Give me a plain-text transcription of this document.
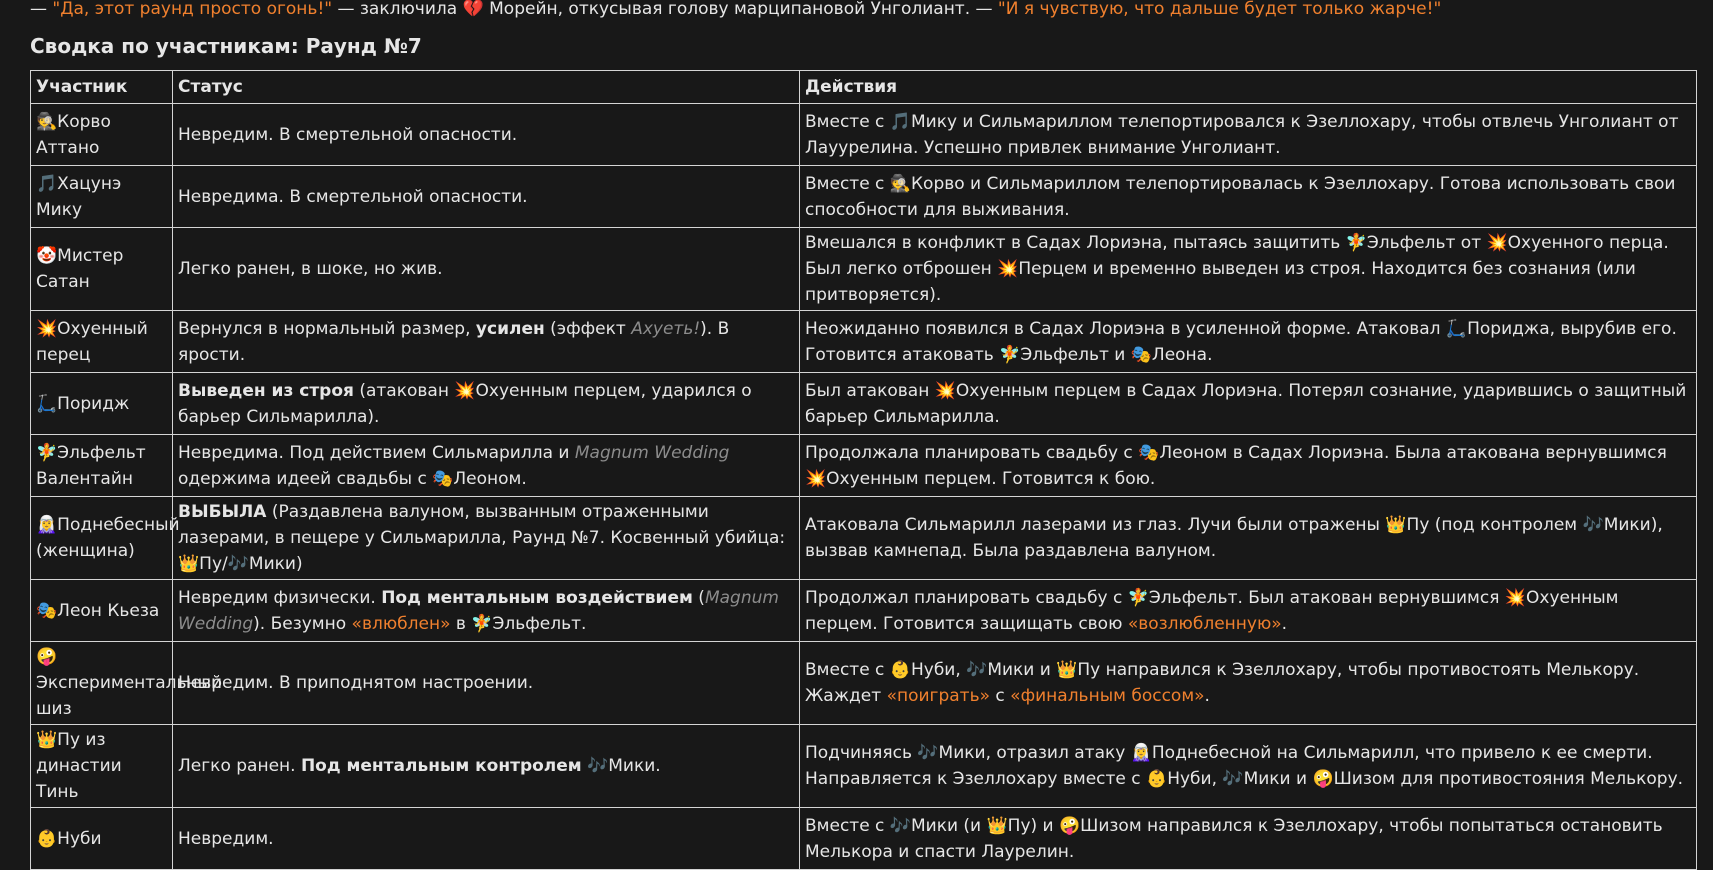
— "Да, этот раунд просто огонь!" — заключила 💔 Морейн, откусывая голову марципановой Унголиант. — "И я чувствую, что дальше будет только жарче!"
Сводка по участникам: Раунд №7
Участник	Статус	Действия
🕵️Корво Аттано	Невредим. В смертельной опасности.	Вместе с 🎵Мику и Сильмариллом телепортировался к Эзеллохару, чтобы отвлечь Унголиант от Лауурелина. Успешно привлек внимание Унголиант.
🎵Хацунэ Мику	Невредима. В смертельной опасности.	Вместе с 🕵️Корво и Сильмариллом телепортировалась к Эзеллохару. Готова использовать свои способности для выживания.
🤡Мистер Сатан	Легко ранен, в шоке, но жив.	Вмешался в конфликт в Садах Лориэна, пытаясь защитить 🧚Эльфельт от 💥Охуенного перца. Был легко отброшен 💥Перцем и временно выведен из строя. Находится без сознания (или притворяется).
💥Охуенный перец	Вернулся в нормальный размер, усилен (эффект Ахуеть!). В ярости.	Неожиданно появился в Садах Лориэна в усиленной форме. Атаковал 🛴Пориджа, вырубив его. Готовится атаковать 🧚Эльфельт и 🎭Леона.
🛴Поридж	Выведен из строя (атакован 💥Охуенным перцем, ударился о барьер Сильмарилла).	Был атакован 💥Охуенным перцем в Садах Лориэна. Потерял сознание, ударившись о защитный барьер Сильмарилла.
🧚Эльфельт Валентайн	Невредима. Под действием Сильмарилла и Magnum Wedding одержима идеей свадьбы с 🎭Леоном.	Продолжала планировать свадьбу с 🎭Леоном в Садах Лориэна. Была атакована вернувшимся 💥Охуенным перцем. Готовится к бою.
🧝‍♀️Поднебесный (женщина)	ВЫБЫЛА (Раздавлена валуном, вызванным отраженными лазерами, в пещере у Сильмарилла, Раунд №7. Косвенный убийца: 👑Пу/🎶Мики)	Атаковала Сильмарилл лазерами из глаз. Лучи были отражены 👑Пу (под контролем 🎶Мики), вызвав камнепад. Была раздавлена валуном.
🎭Леон Кьеза	Невредим физически. Под ментальным воздействием (Magnum Wedding). Безумно «влюблен» в 🧚Эльфельт.	Продолжал планировать свадьбу с 🧚Эльфельт. Был атакован вернувшимся 💥Охуенным перцем. Готовится защищать свою «возлюбленную».
🤪Экспериментальный шиз	Невредим. В приподнятом настроении.	Вместе с 👶Нуби, 🎶Мики и 👑Пу направился к Эзеллохару, чтобы противостоять Мелькору. Жаждет «поиграть» с «финальным боссом».
👑Пу из династии Тинь	Легко ранен. Под ментальным контролем 🎶Мики.	Подчиняясь 🎶Мики, отразил атаку 🧝‍♀️Поднебесной на Сильмарилл, что привело к ее смерти. Направляется к Эзеллохару вместе с 👶Нуби, 🎶Мики и 🤪Шизом для противостояния Мелькору.
👶Нуби	Невредим.	Вместе с 🎶Мики (и 👑Пу) и 🤪Шизом направился к Эзеллохару, чтобы попытаться остановить Мелькора и спасти Лаурелин.
